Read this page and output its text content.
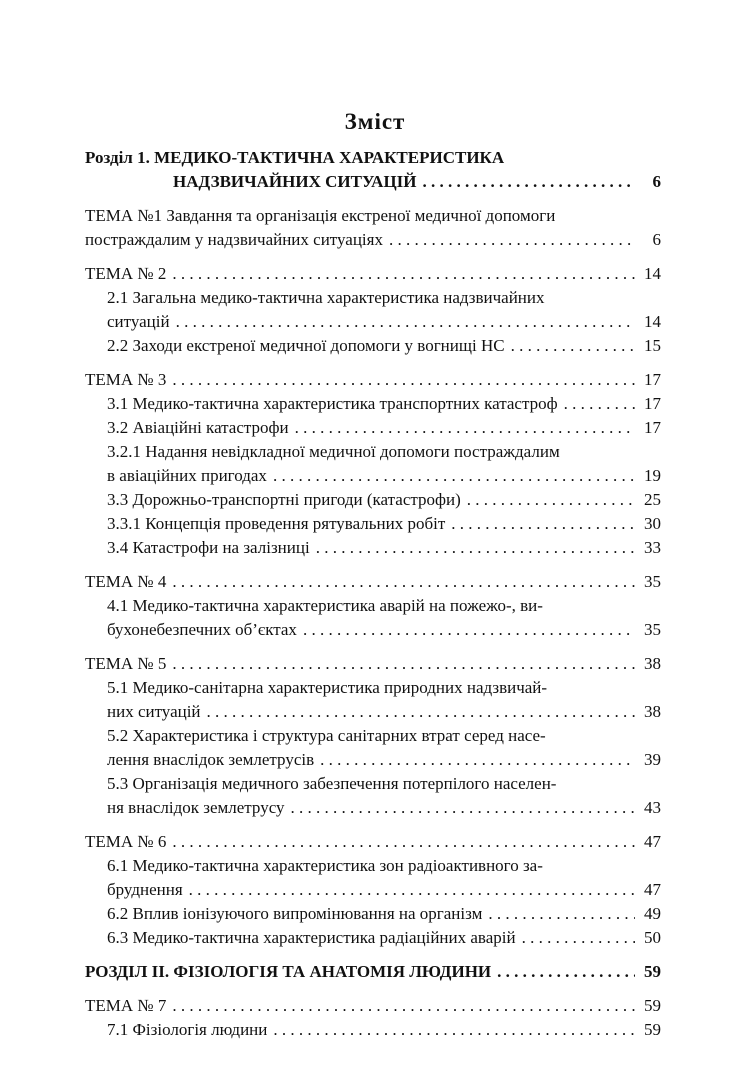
Зміст
Розділ 1. МЕДИКО-ТАКТИЧНА ХАРАКТЕРИСТИКА
НАДЗВИЧАЙНИХ СИТУАЦІЙ . . .	6
ТЕМА №1 Завдання та організація екстреної медичної допомоги
постраждалим у надзвичайних ситуаціях . . .	6
ТЕМА № 2 . . .	14
2.1 Загальна медико-тактична характеристика надзвичайних
ситуацій . . .	14
2.2 Заходи екстреної медичної допомоги у вогнищі НС . . .	15
ТЕМА № 3 . . .	17
3.1 Медико-тактична характеристика транспортних катастроф . . .	17
3.2 Авіаційні катастрофи . . .	17
3.2.1 Надання невідкладної медичної допомоги постраждалим
в авіаційних пригодах . . .	19
3.3 Дорожньо-транспортні пригоди (катастрофи) . . .	25
3.3.1 Концепція проведення рятувальних робіт . . .	30
3.4 Катастрофи на залізниці . . .	33
ТЕМА № 4 . . .	35
4.1 Медико-тактична характеристика аварій на пожежо-, ви-
бухонебезпечних об’єктах . . .	35
ТЕМА № 5 . . .	38
5.1 Медико-санітарна характеристика природних надзвичай-
них ситуацій . . .	38
5.2 Характеристика і структура санітарних втрат серед насе-
лення внаслідок землетрусів . . .	39
5.3 Організація медичного забезпечення потерпілого населен-
ня внаслідок землетрусу . . .	43
ТЕМА № 6 . . .	47
6.1 Медико-тактична характеристика зон радіоактивного за-
бруднення . . .	47
6.2 Вплив іонізуючого випромінювання на організм . . .	49
6.3 Медико-тактична характеристика радіаційних аварій . . .	50
РОЗДІЛ ІІ. ФІЗІОЛОГІЯ ТА АНАТОМІЯ ЛЮДИНИ . . .	59
ТЕМА № 7 . . .	59
7.1 Фізіологія людини . . .	59
